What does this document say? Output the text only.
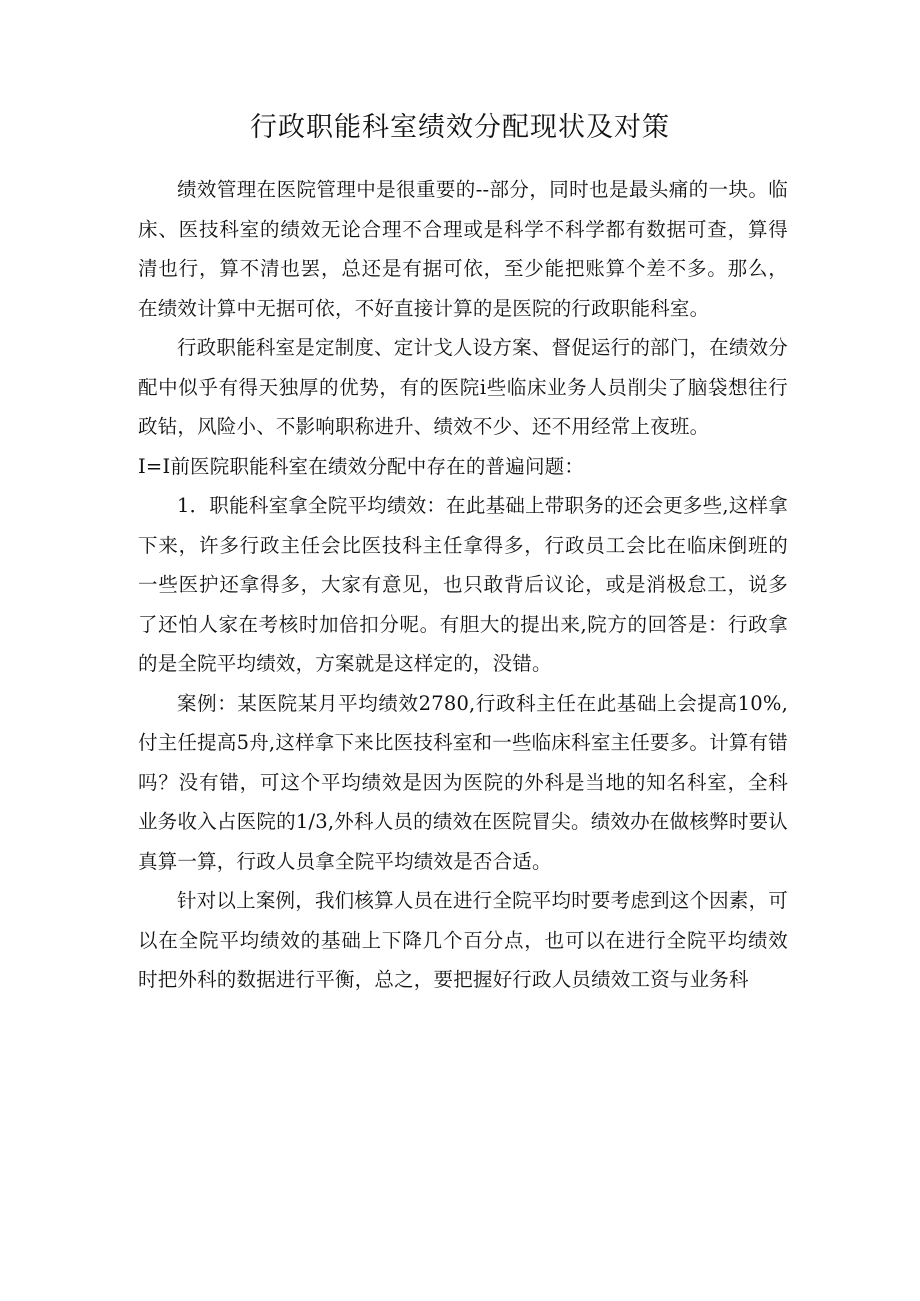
行政职能科室绩效分配现状及对策

绩效管理在医院管理中是很重要的--部分，同时也是最头痛的一块。临床、医技科室的绩效无论合理不合理或是科学不科学都有数据可查，算得清也行，算不清也罢，总还是有据可依，至少能把账算个差不多。那么，在绩效计算中无据可依，不好直接计算的是医院的行政职能科室。

行政职能科室是定制度、定计戈人设方案、督促运行的部门，在绩效分配中似乎有得天独厚的优势，有的医院i些临床业务人员削尖了脑袋想往行政钻，风险小、不影响职称进升、绩效不少、还不用经常上夜班。

I=I前医院职能科室在绩效分配中存在的普遍问题：

1．职能科室拿全院平均绩效：在此基础上带职务的还会更多些,这样拿下来，许多行政主任会比医技科主任拿得多，行政员工会比在临床倒班的一些医护还拿得多，大家有意见，也只敢背后议论，或是消极怠工，说多了还怕人家在考核时加倍扣分呢。有胆大的提出来,院方的回答是：行政拿的是全院平均绩效，方案就是这样定的，没错。

案例：某医院某月平均绩效2780,行政科主任在此基础上会提高10%,付主任提高5舟,这样拿下来比医技科室和一些临床科室主任要多。计算有错吗？没有错，可这个平均绩效是因为医院的外科是当地的知名科室，全科业务收入占医院的1/3,外科人员的绩效在医院冒尖。绩效办在做核弊时要认真算一算，行政人员拿全院平均绩效是否合适。

针对以上案例，我们核算人员在进行全院平均时要考虑到这个因素，可以在全院平均绩效的基础上下降几个百分点，也可以在进行全院平均绩效时把外科的数据进行平衡，总之，要把握好行政人员绩效工资与业务科
